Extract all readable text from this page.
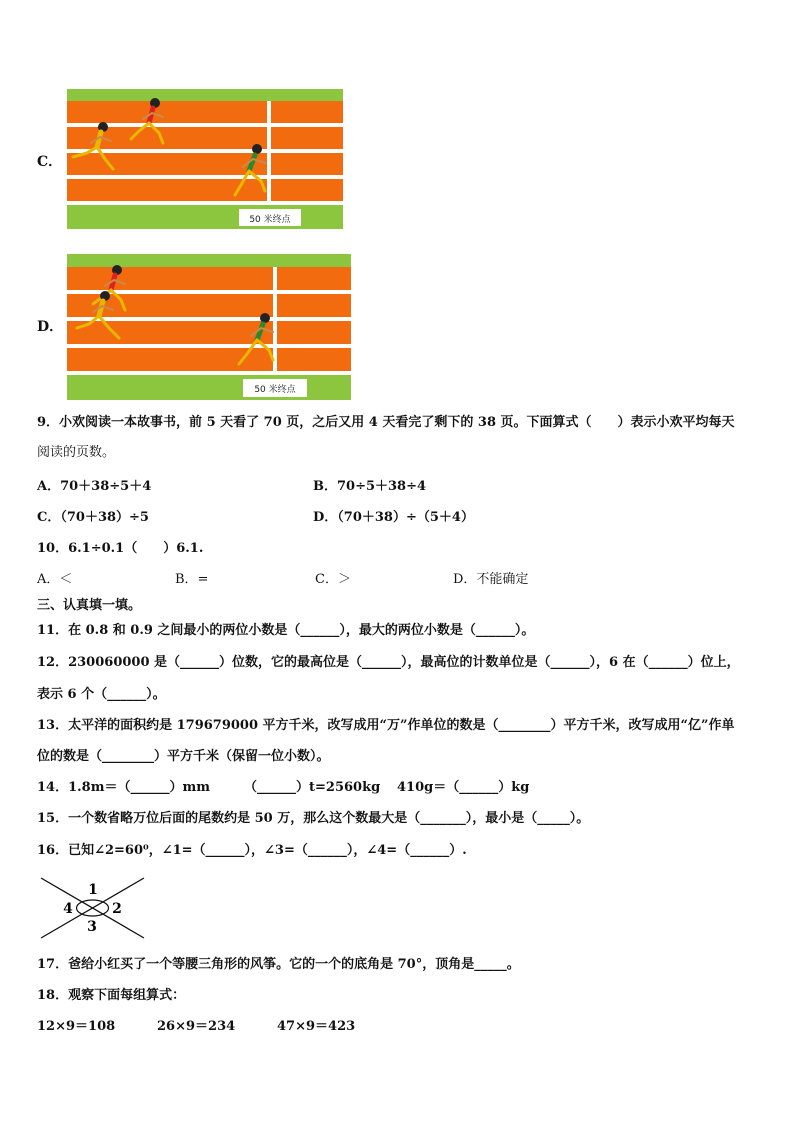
C．
50 米终点
D．
50 米终点
9．小欢阅读一本故事书，前 5 天看了 70 页，之后又用 4 天看完了剩下的 38 页。下面算式（　　）表示小欢平均每天
阅读的页数。
A．70＋38÷5＋4	B．70÷5＋38÷4
C．（70＋38）÷5	D．（70＋38）÷（5＋4）
10．6.1÷0.1（　　）6.1.
A．＜	B．=	C．＞	D．不能确定
三、认真填一填。
11．在 0.8 和 0.9 之间最小的两位小数是（______），最大的两位小数是（______）。
12．230060000 是（______）位数，它的最高位是（______），最高位的计数单位是（______），6 在（______）位上，
表示 6 个（______）。
13．太平洋的面积约是 179679000 平方千米，改写成用“万”作单位的数是（________）平方千米，改写成用“亿”作单
位的数是（________）平方千米（保留一位小数）。
14．1.8m＝（______）mm	（______）t=2560kg 410g＝（______）kg
15．一个数省略万位后面的尾数约是 50 万，那么这个数最大是（_______），最小是（_____）。
16．已知∠2=60⁰，∠1=（______），∠3=（______），∠4=（______）.
1
2
3
4
17．爸给小红买了一个等腰三角形的风筝。它的一个的底角是 70°，顶角是_____。
18．观察下面每组算式：
12×9＝108	26×9＝234	47×9＝423
